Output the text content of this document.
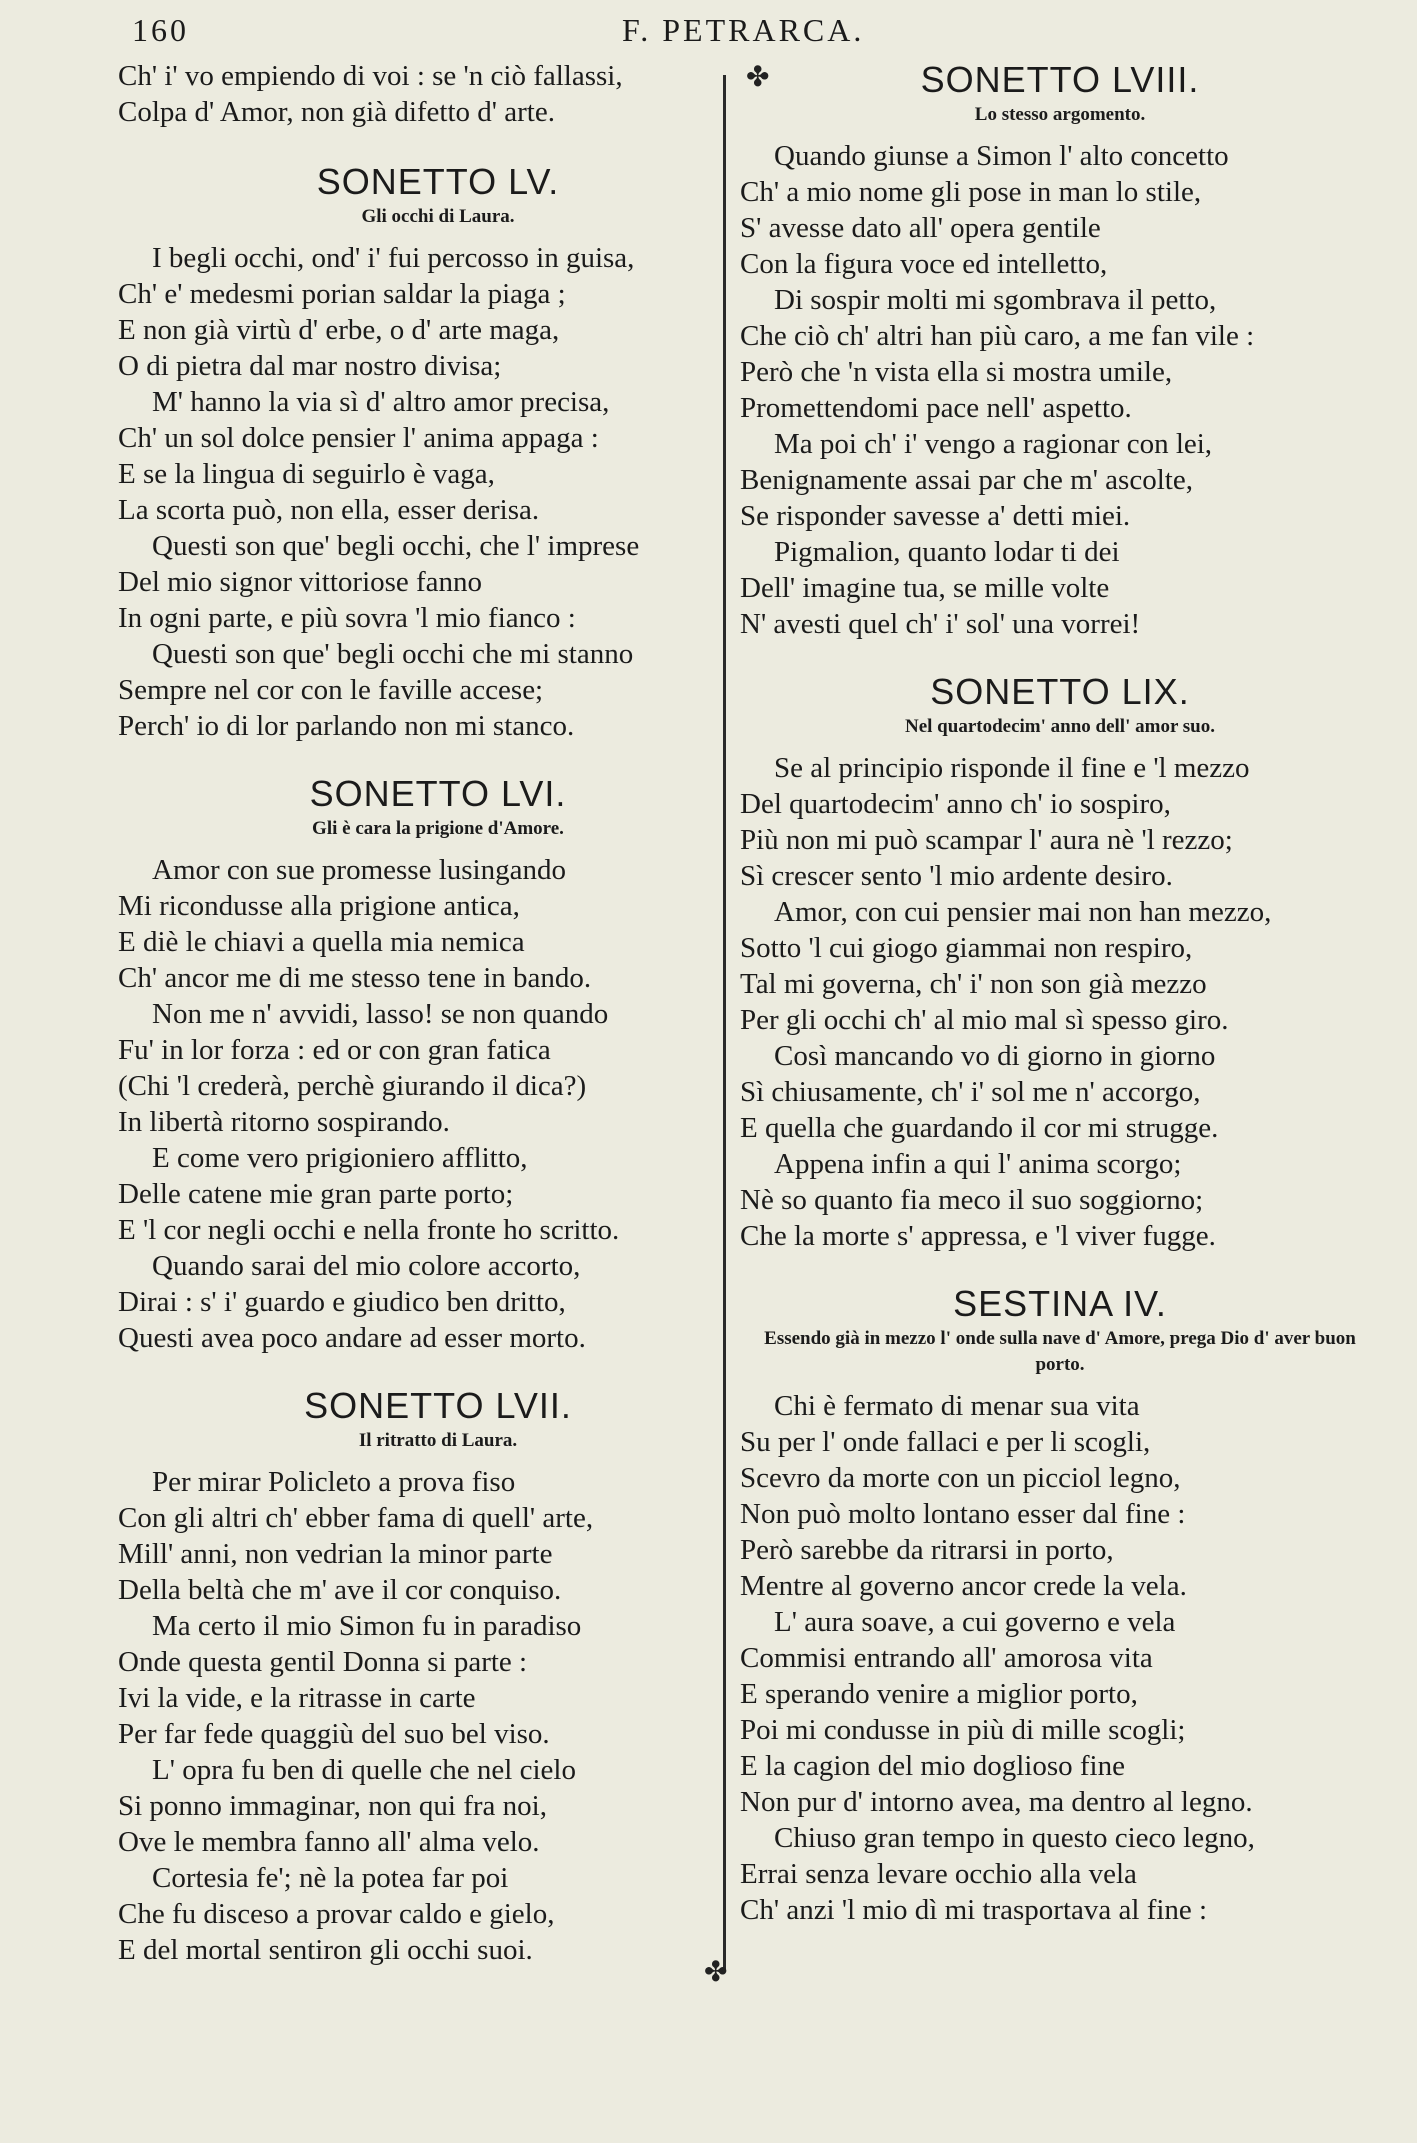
160	F. PETRARCA.
✤
✤
Ch' i' vo empiendo di voi : se 'n ciò fallassi,
Colpa d' Amor, non già difetto d' arte.
SONETTO LV.
Gli occhi di Laura.
I begli occhi, ond' i' fui percosso in guisa,
Ch' e' medesmi porian saldar la piaga ;
E non già virtù d' erbe, o d' arte maga,
O di pietra dal mar nostro divisa;
M' hanno la via sì d' altro amor precisa,
Ch' un sol dolce pensier l' anima appaga :
E se la lingua di seguirlo è vaga,
La scorta può, non ella, esser derisa.
Questi son que' begli occhi, che l' imprese
Del mio signor vittoriose fanno
In ogni parte, e più sovra 'l mio fianco :
Questi son que' begli occhi che mi stanno
Sempre nel cor con le faville accese;
Perch' io di lor parlando non mi stanco.
SONETTO LVI.
Gli è cara la prigione d'Amore.
Amor con sue promesse lusingando
Mi ricondusse alla prigione antica,
E diè le chiavi a quella mia nemica
Ch' ancor me di me stesso tene in bando.
Non me n' avvidi, lasso! se non quando
Fu' in lor forza : ed or con gran fatica
(Chi 'l crederà, perchè giurando il dica?)
In libertà ritorno sospirando.
E come vero prigioniero afflitto,
Delle catene mie gran parte porto;
E 'l cor negli occhi e nella fronte ho scritto.
Quando sarai del mio colore accorto,
Dirai : s' i' guardo e giudico ben dritto,
Questi avea poco andare ad esser morto.
SONETTO LVII.
Il ritratto di Laura.
Per mirar Policleto a prova fiso
Con gli altri ch' ebber fama di quell' arte,
Mill' anni, non vedrian la minor parte
Della beltà che m' ave il cor conquiso.
Ma certo il mio Simon fu in paradiso
Onde questa gentil Donna si parte :
Ivi la vide, e la ritrasse in carte
Per far fede quaggiù del suo bel viso.
L' opra fu ben di quelle che nel cielo
Si ponno immaginar, non qui fra noi,
Ove le membra fanno all' alma velo.
Cortesia fe'; nè la potea far poi
Che fu disceso a provar caldo e gielo,
E del mortal sentiron gli occhi suoi.
SONETTO LVIII.
Lo stesso argomento.
Quando giunse a Simon l' alto concetto
Ch' a mio nome gli pose in man lo stile,
S' avesse dato all' opera gentile
Con la figura voce ed intelletto,
Di sospir molti mi sgombrava il petto,
Che ciò ch' altri han più caro, a me fan vile :
Però che 'n vista ella si mostra umile,
Promettendomi pace nell' aspetto.
Ma poi ch' i' vengo a ragionar con lei,
Benignamente assai par che m' ascolte,
Se risponder savesse a' detti miei.
Pigmalion, quanto lodar ti dei
Dell' imagine tua, se mille volte
N' avesti quel ch' i' sol' una vorrei!
SONETTO LIX.
Nel quartodecim' anno dell' amor suo.
Se al principio risponde il fine e 'l mezzo
Del quartodecim' anno ch' io sospiro,
Più non mi può scampar l' aura nè 'l rezzo;
Sì crescer sento 'l mio ardente desiro.
Amor, con cui pensier mai non han mezzo,
Sotto 'l cui giogo giammai non respiro,
Tal mi governa, ch' i' non son già mezzo
Per gli occhi ch' al mio mal sì spesso giro.
Così mancando vo di giorno in giorno
Sì chiusamente, ch' i' sol me n' accorgo,
E quella che guardando il cor mi strugge.
Appena infin a qui l' anima scorgo;
Nè so quanto fia meco il suo soggiorno;
Che la morte s' appressa, e 'l viver fugge.
SESTINA IV.
Essendo già in mezzo l' onde sulla nave d' Amore, prega Dio d' aver buon porto.
Chi è fermato di menar sua vita
Su per l' onde fallaci e per li scogli,
Scevro da morte con un picciol legno,
Non può molto lontano esser dal fine :
Però sarebbe da ritrarsi in porto,
Mentre al governo ancor crede la vela.
L' aura soave, a cui governo e vela
Commisi entrando all' amorosa vita
E sperando venire a miglior porto,
Poi mi condusse in più di mille scogli;
E la cagion del mio doglioso fine
Non pur d' intorno avea, ma dentro al legno.
Chiuso gran tempo in questo cieco legno,
Errai senza levare occhio alla vela
Ch' anzi 'l mio dì mi trasportava al fine :
